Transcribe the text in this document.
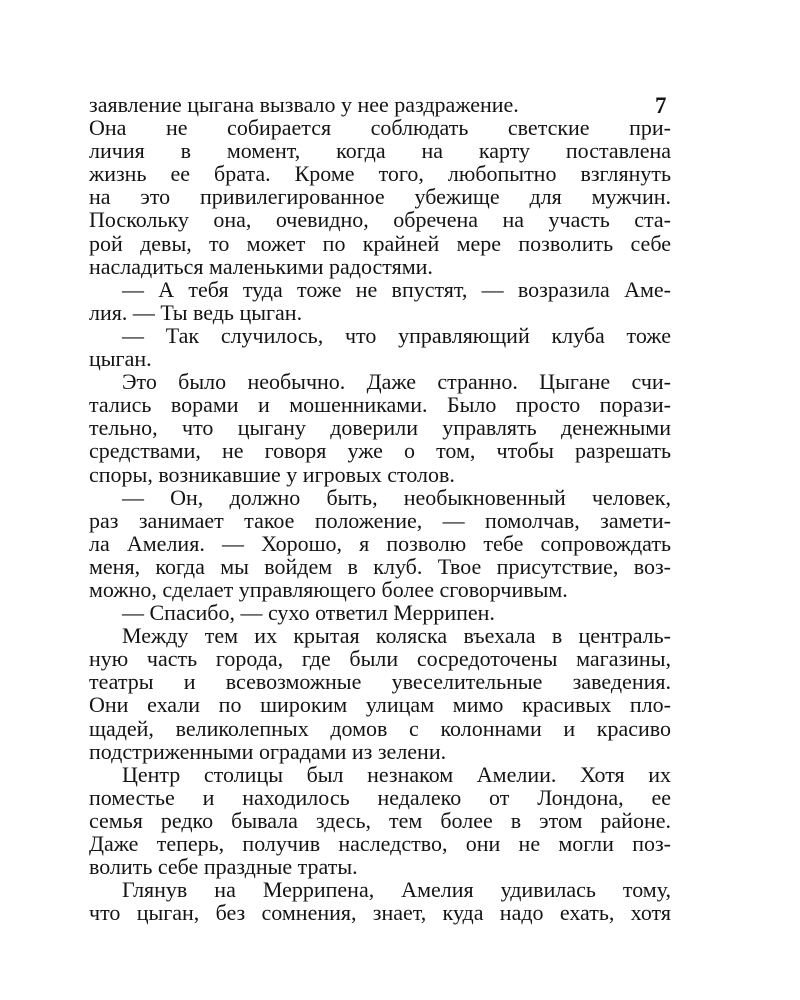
7
заявление цыгана вызвало у нее раздражение.
Она не собирается соблюдать светские при-
личия в момент, когда на карту поставлена
жизнь ее брата. Кроме того, любопытно взглянуть
на это привилегированное убежище для мужчин.
Поскольку она, очевидно, обречена на участь ста-
рой девы, то может по крайней мере позволить себе
насладиться маленькими радостями.
— А тебя туда тоже не впустят, — возразила Аме-
лия. — Ты ведь цыган.
— Так случилось, что управляющий клуба тоже
цыган.
Это было необычно. Даже странно. Цыгане счи-
тались ворами и мошенниками. Было просто порази-
тельно, что цыгану доверили управлять денежными
средствами, не говоря уже о том, чтобы разрешать
споры, возникавшие у игровых столов.
— Он, должно быть, необыкновенный человек,
раз занимает такое положение, — помолчав, замети-
ла Амелия. — Хорошо, я позволю тебе сопровождать
меня, когда мы войдем в клуб. Твое присутствие, воз-
можно, сделает управляющего более сговорчивым.
— Спасибо, — сухо ответил Меррипен.
Между тем их крытая коляска въехала в централь-
ную часть города, где были сосредоточены магазины,
театры и всевозможные увеселительные заведения.
Они ехали по широким улицам мимо красивых пло-
щадей, великолепных домов с колоннами и красиво
подстриженными оградами из зелени.
Центр столицы был незнаком Амелии. Хотя их
поместье и находилось недалеко от Лондона, ее
семья редко бывала здесь, тем более в этом районе.
Даже теперь, получив наследство, они не могли поз-
волить себе праздные траты.
Глянув на Меррипена, Амелия удивилась тому,
что цыган, без сомнения, знает, куда надо ехать, хотя
